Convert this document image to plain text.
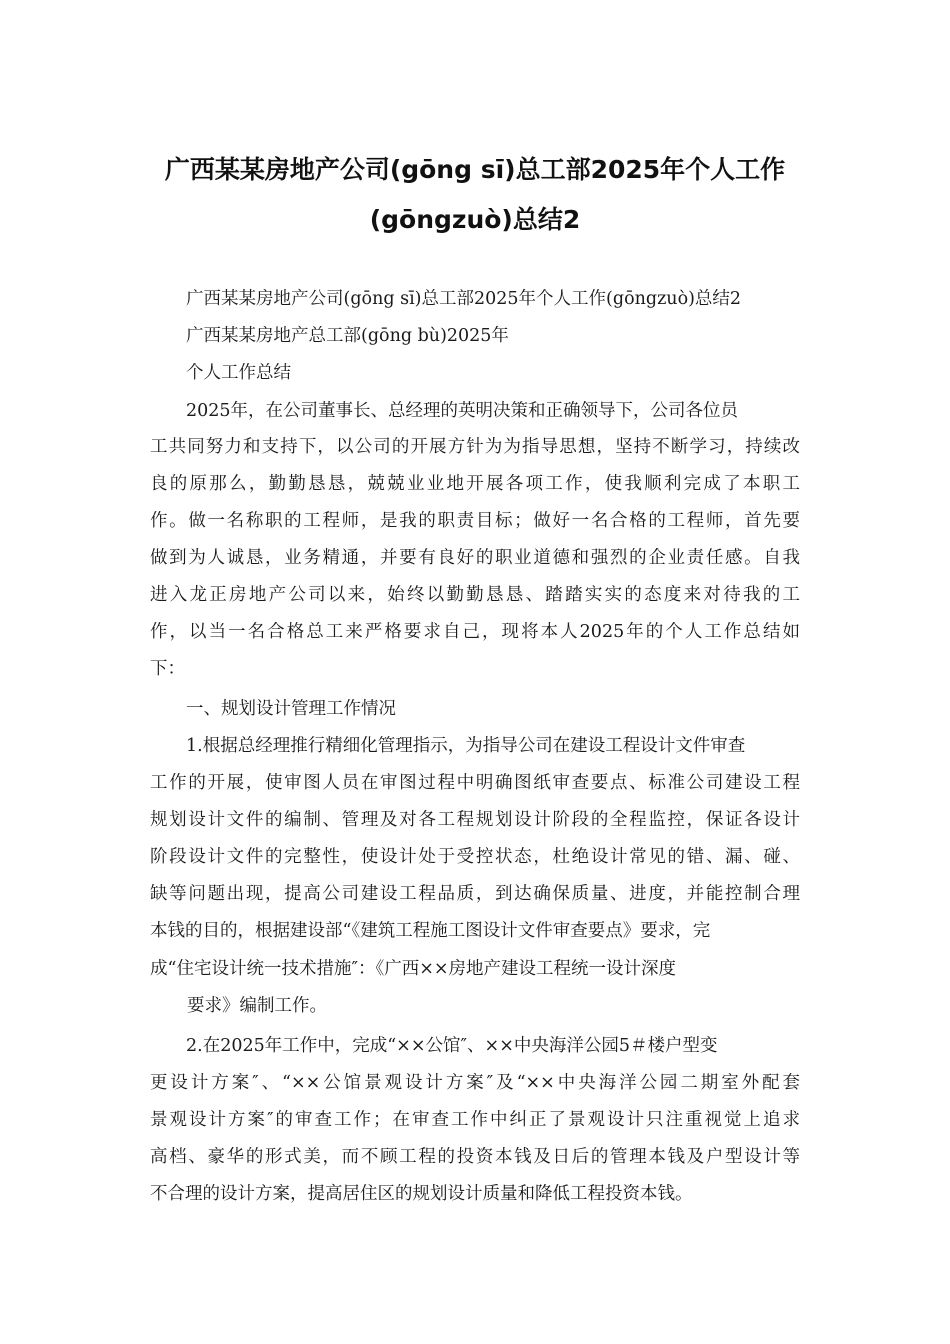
广西某某房地产公司(gōng sī)总工部2025年个人工作
(gōngzuò)总结2
广西某某房地产公司(gōng sī)总工部2025年个人工作(gōngzuò)总结2
广西某某房地产总工部(gōng bù)2025年
个人工作总结
2025年，在公司董事长、总经理的英明决策和正确领导下，公司各位员
工共同努力和支持下，以公司的开展方针为为指导思想，坚持不断学习，持续改
良的原那么，勤勤恳恳，兢兢业业地开展各项工作，使我顺利完成了本职工
作。做一名称职的工程师，是我的职责目标；做好一名合格的工程师，首先要
做到为人诚恳，业务精通，并要有良好的职业道德和强烈的企业责任感。自我
进入龙正房地产公司以来，始终以勤勤恳恳、踏踏实实的态度来对待我的工
作，以当一名合格总工来严格要求自己，现将本人2025年的个人工作总结如
下：
一、规划设计管理工作情况
1.根据总经理推行精细化管理指示，为指导公司在建设工程设计文件审查
工作的开展，使审图人员在审图过程中明确图纸审查要点、标准公司建设工程
规划设计文件的编制、管理及对各工程规划设计阶段的全程监控，保证各设计
阶段设计文件的完整性，使设计处于受控状态，杜绝设计常见的错、漏、碰、
缺等问题出现，提高公司建设工程品质，到达确保质量、进度，并能控制合理
本钱的目的，根据建设部“《建筑工程施工图设计文件审查要点》要求，完
成“住宅设计统一技术措施″：《广西××房地产建设工程统一设计深度
要求》编制工作。
2.在2025年工作中，完成“××公馆″、××中央海洋公园5＃楼户型变
更设计方案″、“××公馆景观设计方案″及“××中央海洋公园二期室外配套
景观设计方案″的审查工作；在审查工作中纠正了景观设计只注重视觉上追求
高档、豪华的形式美，而不顾工程的投资本钱及日后的管理本钱及户型设计等
不合理的设计方案，提高居住区的规划设计质量和降低工程投资本钱。
